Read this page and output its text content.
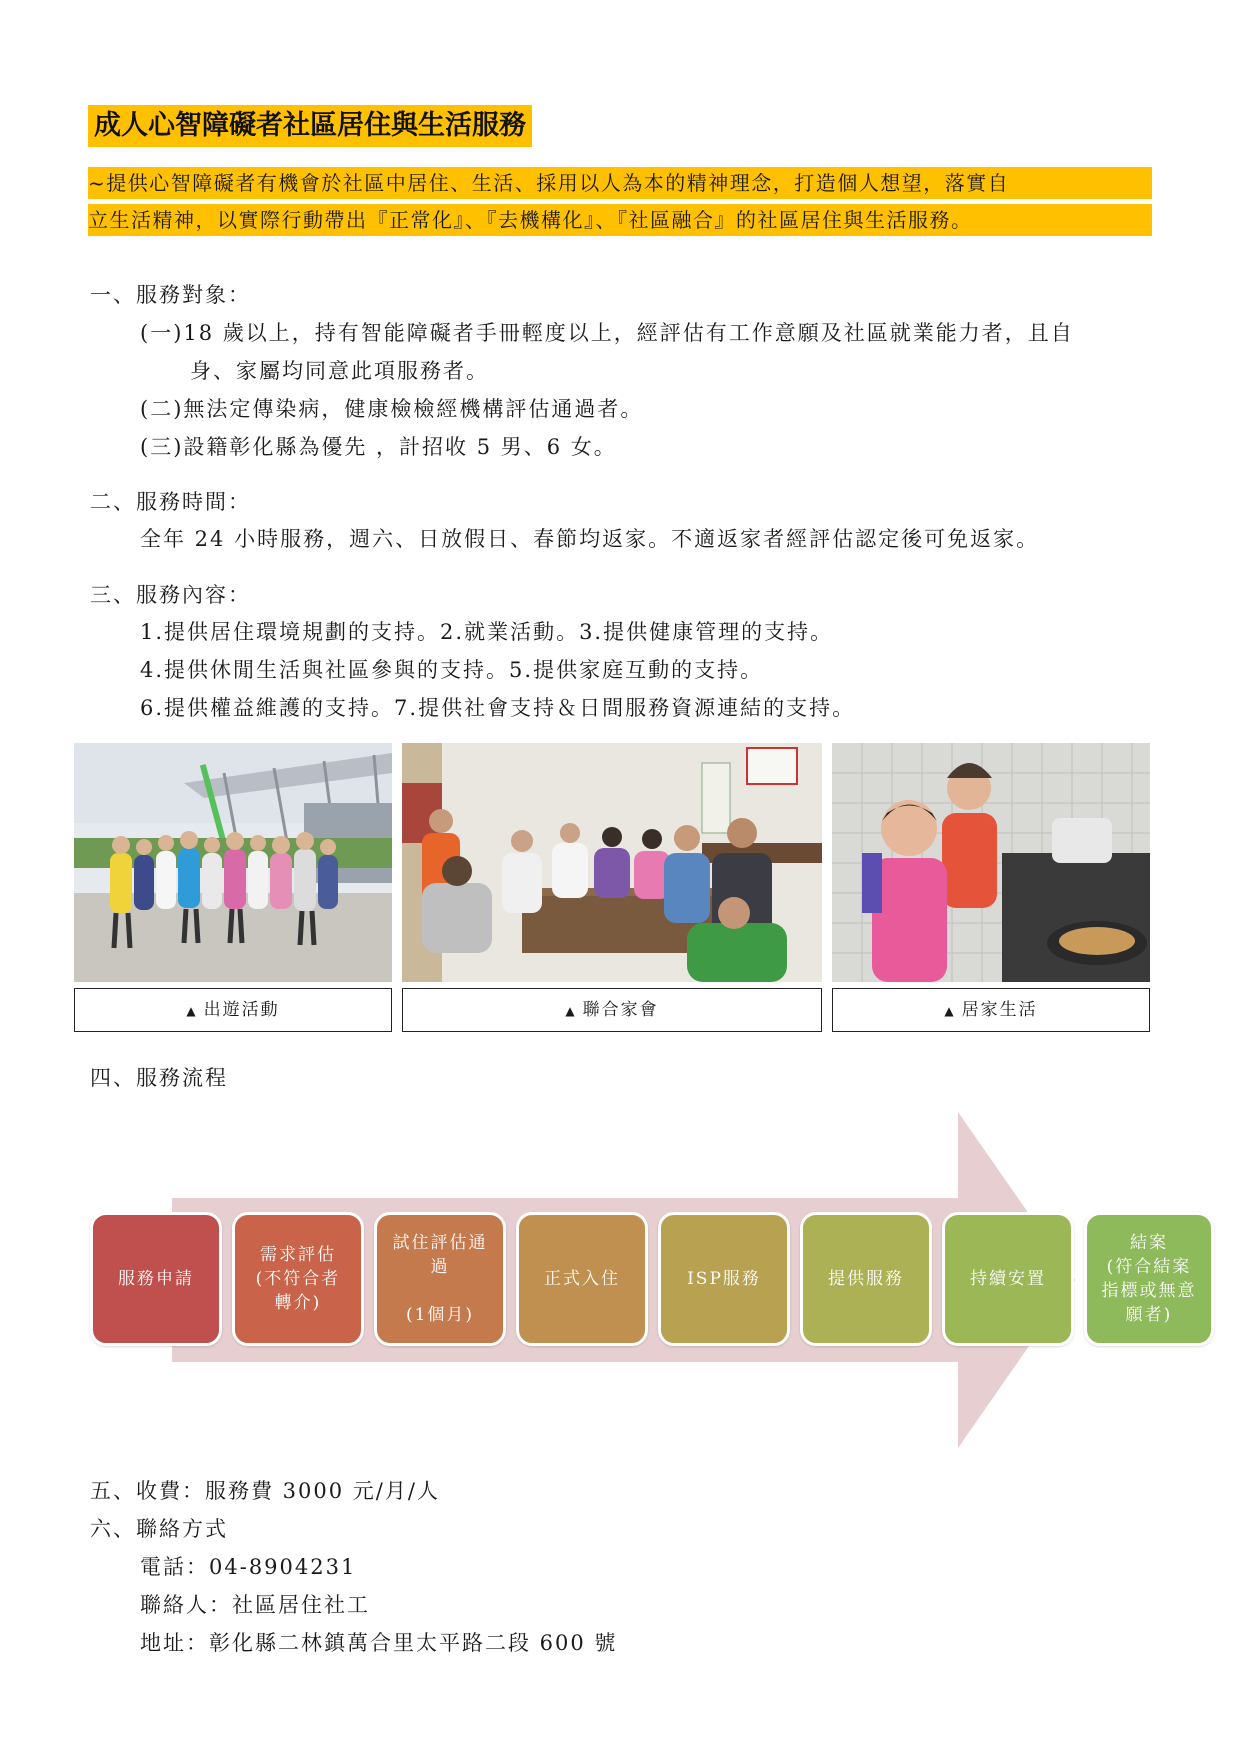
成人心智障礙者社區居住與生活服務
~提供心智障礙者有機會於社區中居住、生活、採用以人為本的精神理念，打造個人想望，落實自
立生活精神，以實際行動帶出『正常化』、『去機構化』、『社區融合』的社區居住與生活服務。
一、服務對象：
(一)18 歲以上，持有智能障礙者手冊輕度以上，經評估有工作意願及社區就業能力者，且自
身、家屬均同意此項服務者。
(二)無法定傳染病，健康檢檢經機構評估通過者。
(三)設籍彰化縣為優先 ，計招收 5 男、6 女。
二、服務時間：
全年 24 小時服務，週六、日放假日、春節均返家。不適返家者經評估認定後可免返家。
三、服務內容：
1.提供居住環境規劃的支持。2.就業活動。3.提供健康管理的支持。
4.提供休閒生活與社區參與的支持。5.提供家庭互動的支持。
6.提供權益維護的支持。7.提供社會支持＆日間服務資源連結的支持。
▲ 出遊活動	▲ 聯合家會	▲ 居家生活
四、服務流程
服務申請
需求評估
(不符合者
轉介)
試住評估通
過

(1個月)
正式入住	ISP服務	提供服務	持續安置
結案
(符合結案
指標或無意
願者)
五、收費：服務費 3000 元/月/人
六、聯絡方式
電話：04-8904231
聯絡人：社區居住社工
地址：彰化縣二林鎮萬合里太平路二段 600 號
